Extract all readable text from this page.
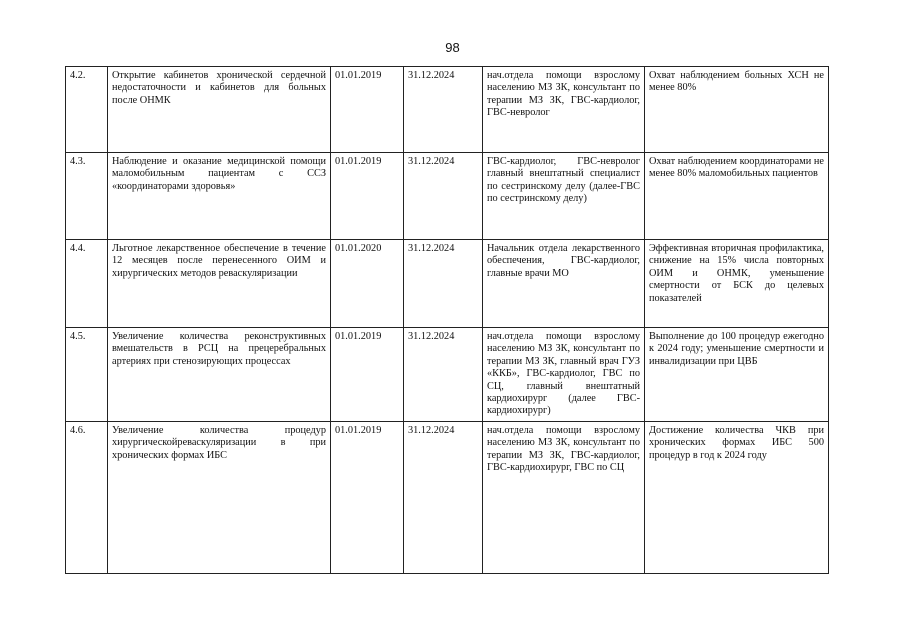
98
4.2.	Открытие кабинетов хронической сердечной недостаточности и кабинетов для больных после ОНМК	01.01.2019	31.12.2024	нач.отдела помощи взрослому населению МЗ ЗК, консультант по терапии МЗ ЗК, ГВС-кардиолог, ГВС-невролог	Охват наблюдением больных ХСН не менее 80%
4.3.	Наблюдение и оказание медицинской помощи маломобильным пациентам с ССЗ «координаторами здоровья»	01.01.2019	31.12.2024	ГВС-кардиолог, ГВС-невролог главный внештатный специалист по сестринскому делу (далее-ГВС по сестринскому делу)	Охват наблюдением координаторами не менее 80% маломобильных пациентов
4.4.	Льготное лекарственное обеспечение в течение 12 месяцев после перенесенного ОИМ и хирургических методов реваскуляризации	01.01.2020	31.12.2024	Начальник отдела лекарственного обеспечения, ГВС-кардиолог, главные врачи МО	Эффективная вторичная профилактика, снижение на 15% числа повторных ОИМ и ОНМК, уменьшение смертности от БСК до целевых показателей
4.5.	Увеличение количества реконструктивных вмешательств в РСЦ на прецеребральных артериях при стенозирующих процессах	01.01.2019	31.12.2024	нач.отдела помощи взрослому населению МЗ ЗК, консультант по терапии МЗ ЗК, главный врач ГУЗ «ККБ», ГВС-кардиолог, ГВС по СЦ, главный внештатный кардиохирург (далее ГВС-кардиохирург)	Выполнение до 100 процедур ежегодно к 2024 году; уменьшение смертности и инвалидизации при ЦВБ
4.6.	Увеличение количества процедур хирургическойреваскуляризации в при хронических формах ИБС	01.01.2019	31.12.2024	нач.отдела помощи взрослому населению МЗ ЗК, консультант по терапии МЗ ЗК, ГВС-кардиолог, ГВС-кардиохирург, ГВС по СЦ	Достижение количества ЧКВ при хронических формах ИБС 500 процедур в год к 2024 году
